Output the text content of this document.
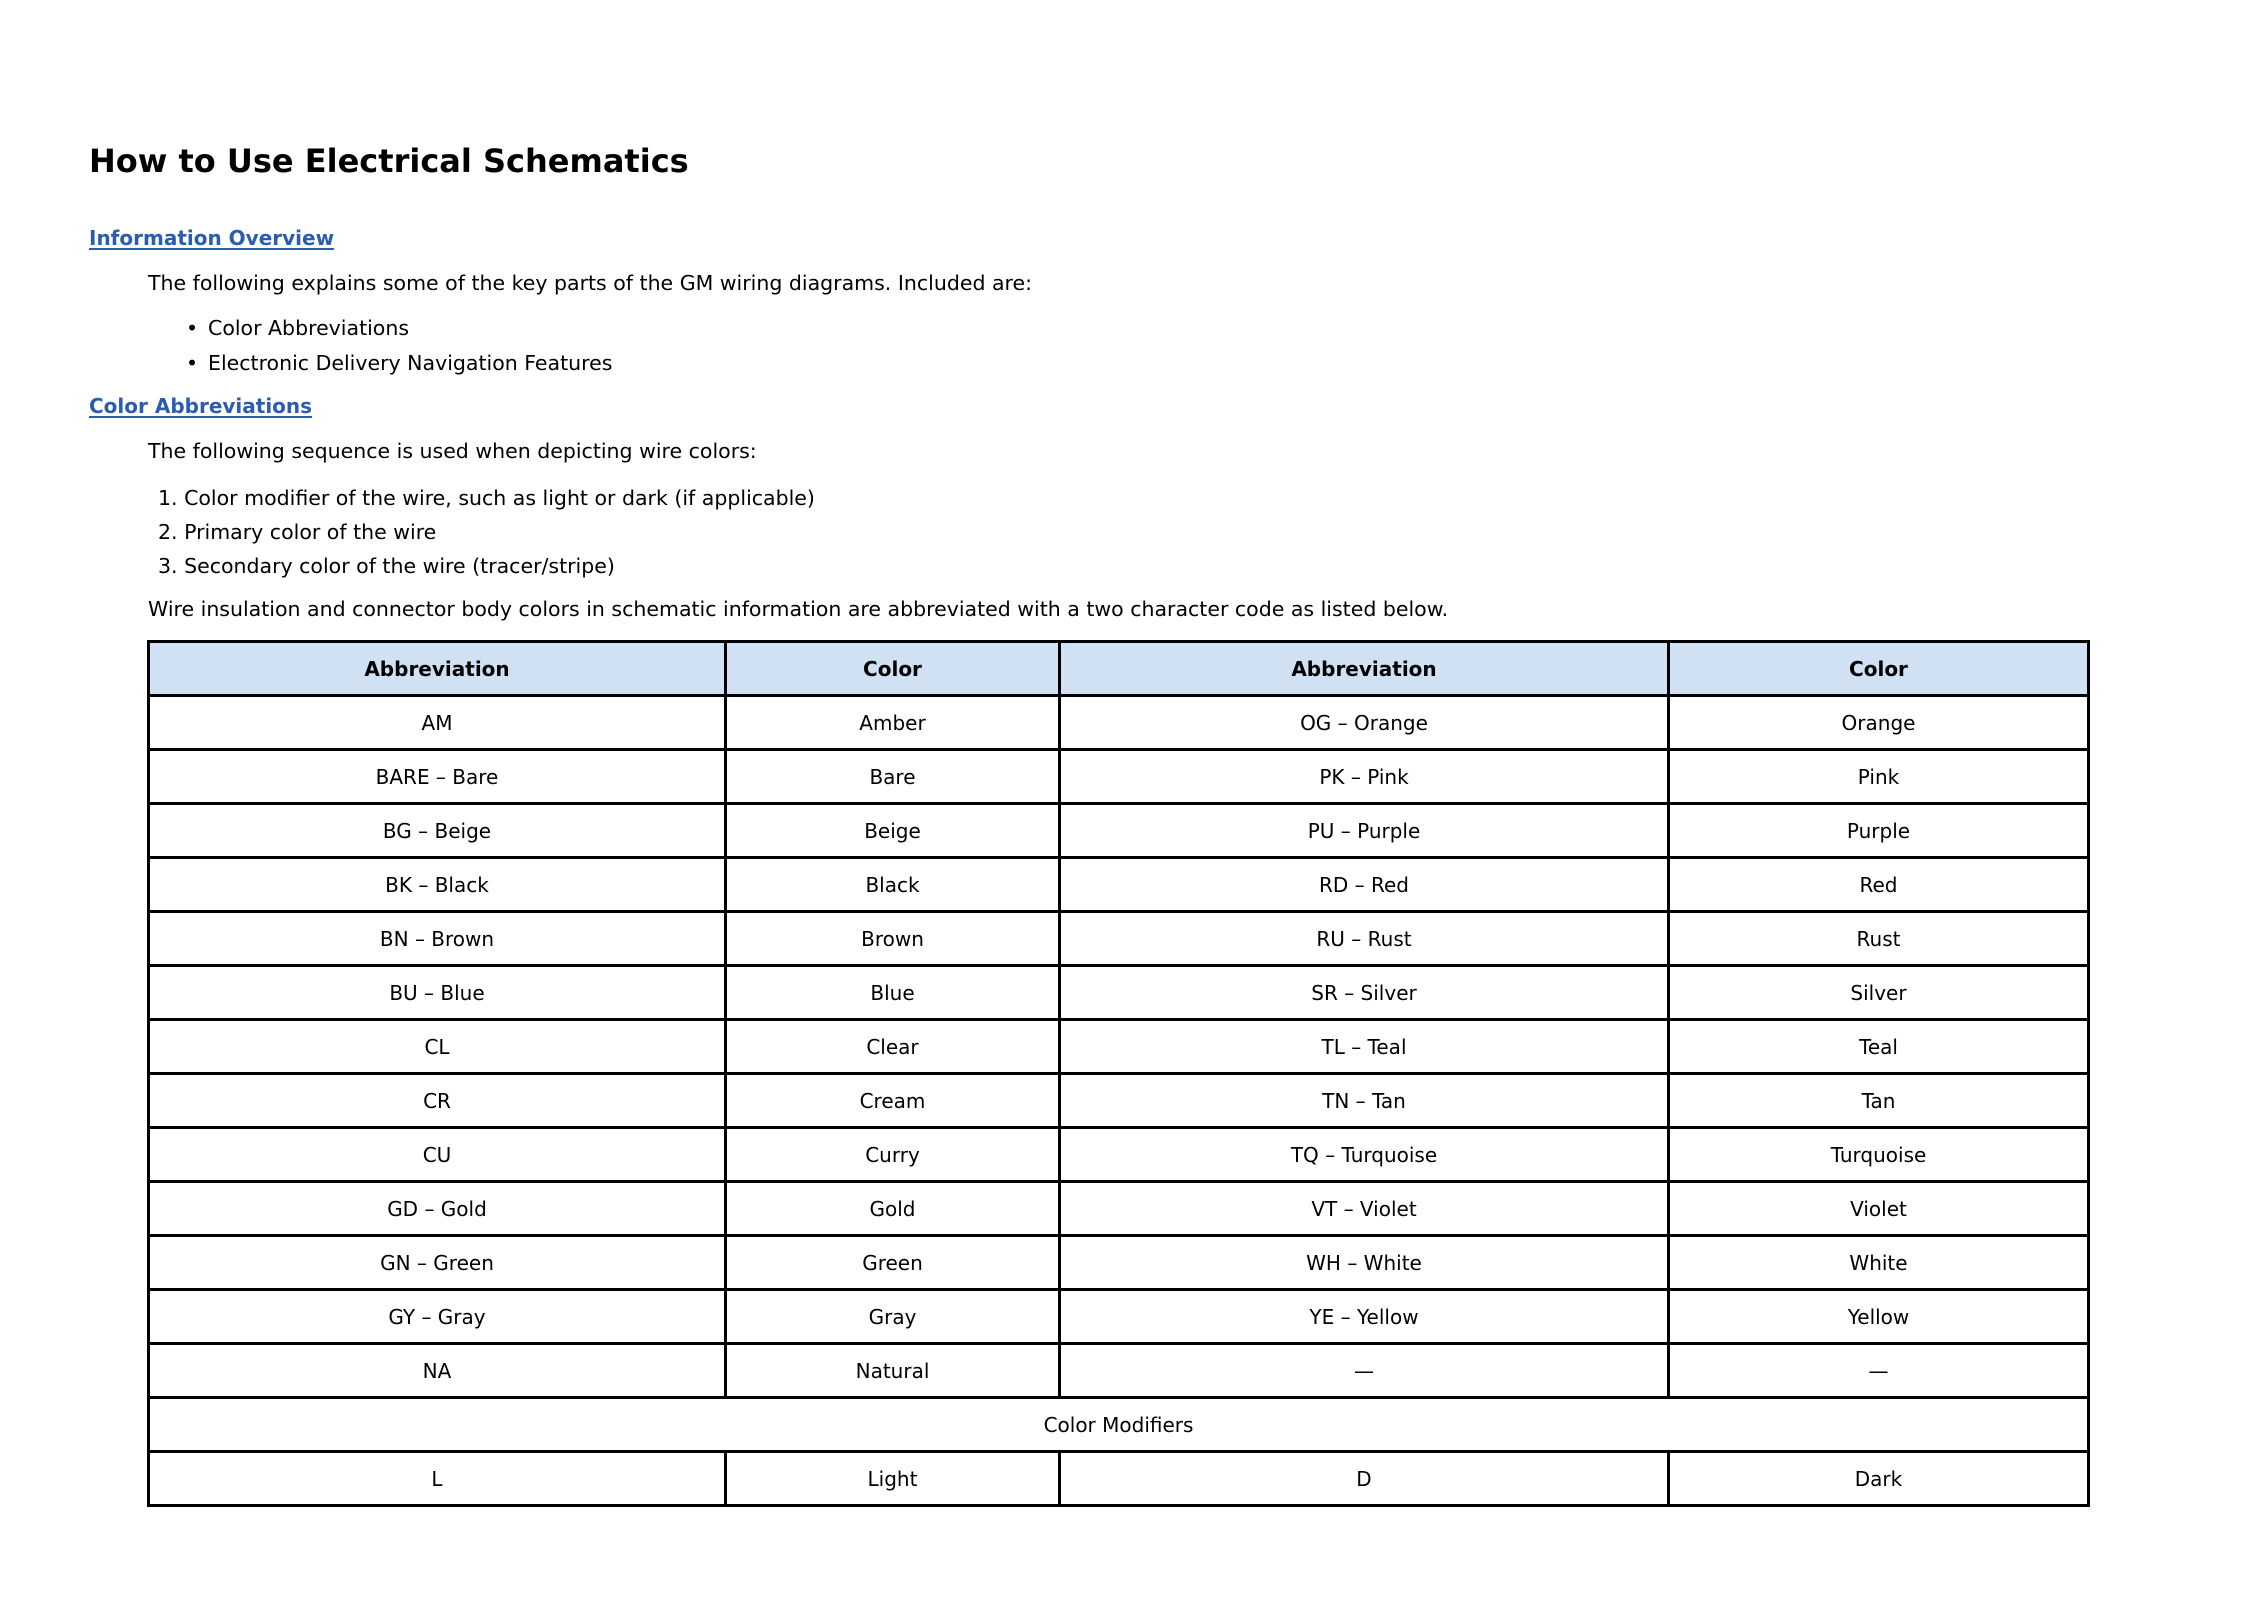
How to Use Electrical Schematics
Information Overview
The following explains some of the key parts of the GM wiring diagrams. Included are:
• Color Abbreviations
• Electronic Delivery Navigation Features
Color Abbreviations
The following sequence is used when depicting wire colors:
1. Color modifier of the wire, such as light or dark (if applicable)
2. Primary color of the wire
3. Secondary color of the wire (tracer/stripe)
Wire insulation and connector body colors in schematic information are abbreviated with a two character code as listed below.
Abbreviation	Color	Abbreviation	Color
AM	Amber	OG – Orange	Orange
BARE – Bare	Bare	PK – Pink	Pink
BG – Beige	Beige	PU – Purple	Purple
BK – Black	Black	RD – Red	Red
BN – Brown	Brown	RU – Rust	Rust
BU – Blue	Blue	SR – Silver	Silver
CL	Clear	TL – Teal	Teal
CR	Cream	TN – Tan	Tan
CU	Curry	TQ – Turquoise	Turquoise
GD – Gold	Gold	VT – Violet	Violet
GN – Green	Green	WH – White	White
GY – Gray	Gray	YE – Yellow	Yellow
NA	Natural	—	—
Color Modifiers			
L	Light	D	Dark
